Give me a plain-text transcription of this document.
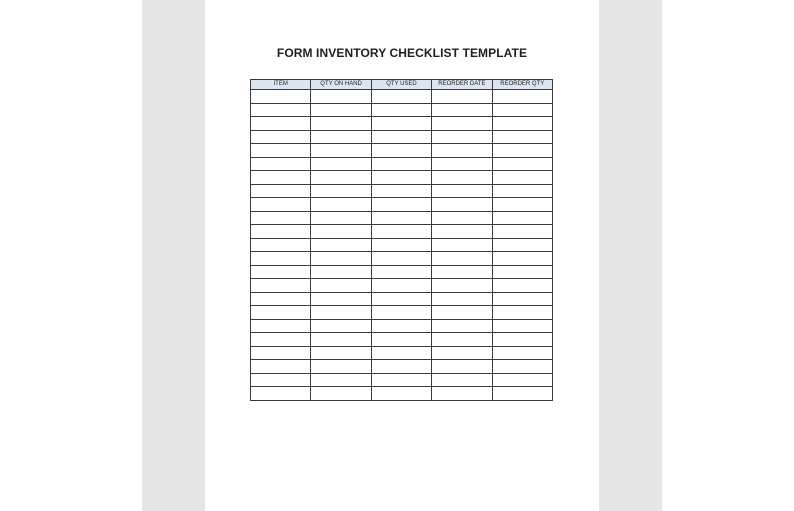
FORM INVENTORY CHECKLIST TEMPLATE
ITEM	QTY ON HAND	QTY USED	REORDER DATE	REORDER QTY
